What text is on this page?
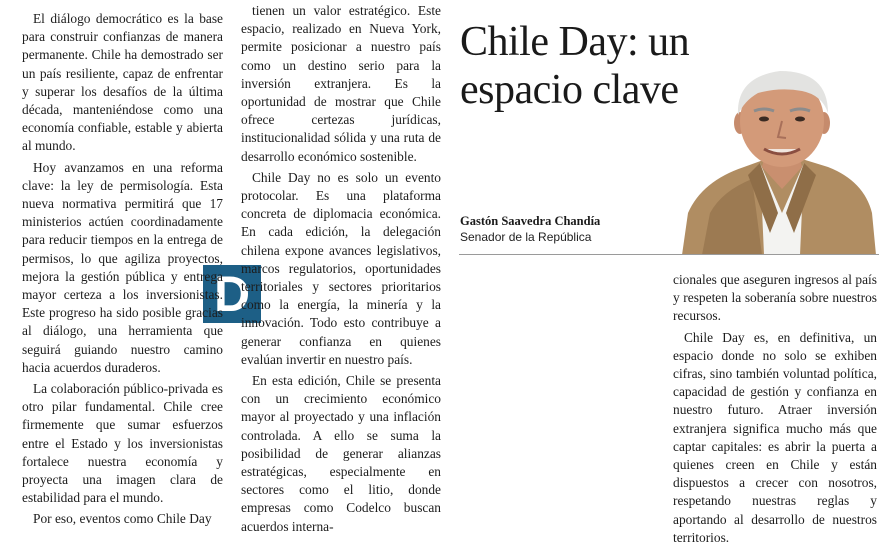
Chile Day: un espacio clave
Gastón Saavedra Chandía
Senador de la República
D

El diálogo democrático es la base para construir confianzas de manera permanente. Chile ha demostrado ser un país resiliente, capaz de enfrentar y superar los desafíos de la última década, manteniéndose como una economía confiable, estable y abierta al mundo.

Hoy avanzamos en una reforma clave: la ley de permisología. Esta nueva normativa permitirá que 17 ministerios actúen coordinadamente para reducir tiempos en la entrega de permisos, lo que agiliza proyectos, mejora la gestión pública y entrega mayor certeza a los inversionistas. Este progreso ha sido posible gracias al diálogo, una herramienta que seguirá guiando nuestro camino hacia acuerdos duraderos.

La colaboración público-privada es otro pilar fundamental. Chile cree firmemente que sumar esfuerzos entre el Estado y los inversionistas fortalece nuestra economía y proyecta una imagen clara de estabilidad para el mundo.

Por eso, eventos como Chile Day

tienen un valor estratégico. Este espacio, realizado en Nueva York, permite posicionar a nuestro país como un destino serio para la inversión extranjera. Es la oportunidad de mostrar que Chile ofrece certezas jurídicas, institucionalidad sólida y una ruta de desarrollo económico sostenible.

Chile Day no es solo un evento protocolar. Es una plataforma concreta de diplomacia económica. En cada edición, la delegación chilena expone avances legislativos, marcos regulatorios, oportunidades territoriales y sectores prioritarios como la energía, la minería y la innovación. Todo esto contribuye a generar confianza en quienes evalúan invertir en nuestro país.

En esta edición, Chile se presenta con un crecimiento económico mayor al proyectado y una inflación controlada. A ello se suma la posibilidad de generar alianzas estratégicas, especialmente en sectores como el litio, donde empresas como Codelco buscan acuerdos interna-

cionales que aseguren ingresos al país y respeten la soberanía sobre nuestros recursos.

Chile Day es, en definitiva, un espacio donde no solo se exhiben cifras, sino también voluntad política, capacidad de gestión y confianza en nuestro futuro. Atraer inversión extranjera significa mucho más que captar capitales: es abrir la puerta a quienes creen en Chile y están dispuestos a crecer con nosotros, respetando nuestras reglas y aportando al desarrollo de nuestros territorios.
